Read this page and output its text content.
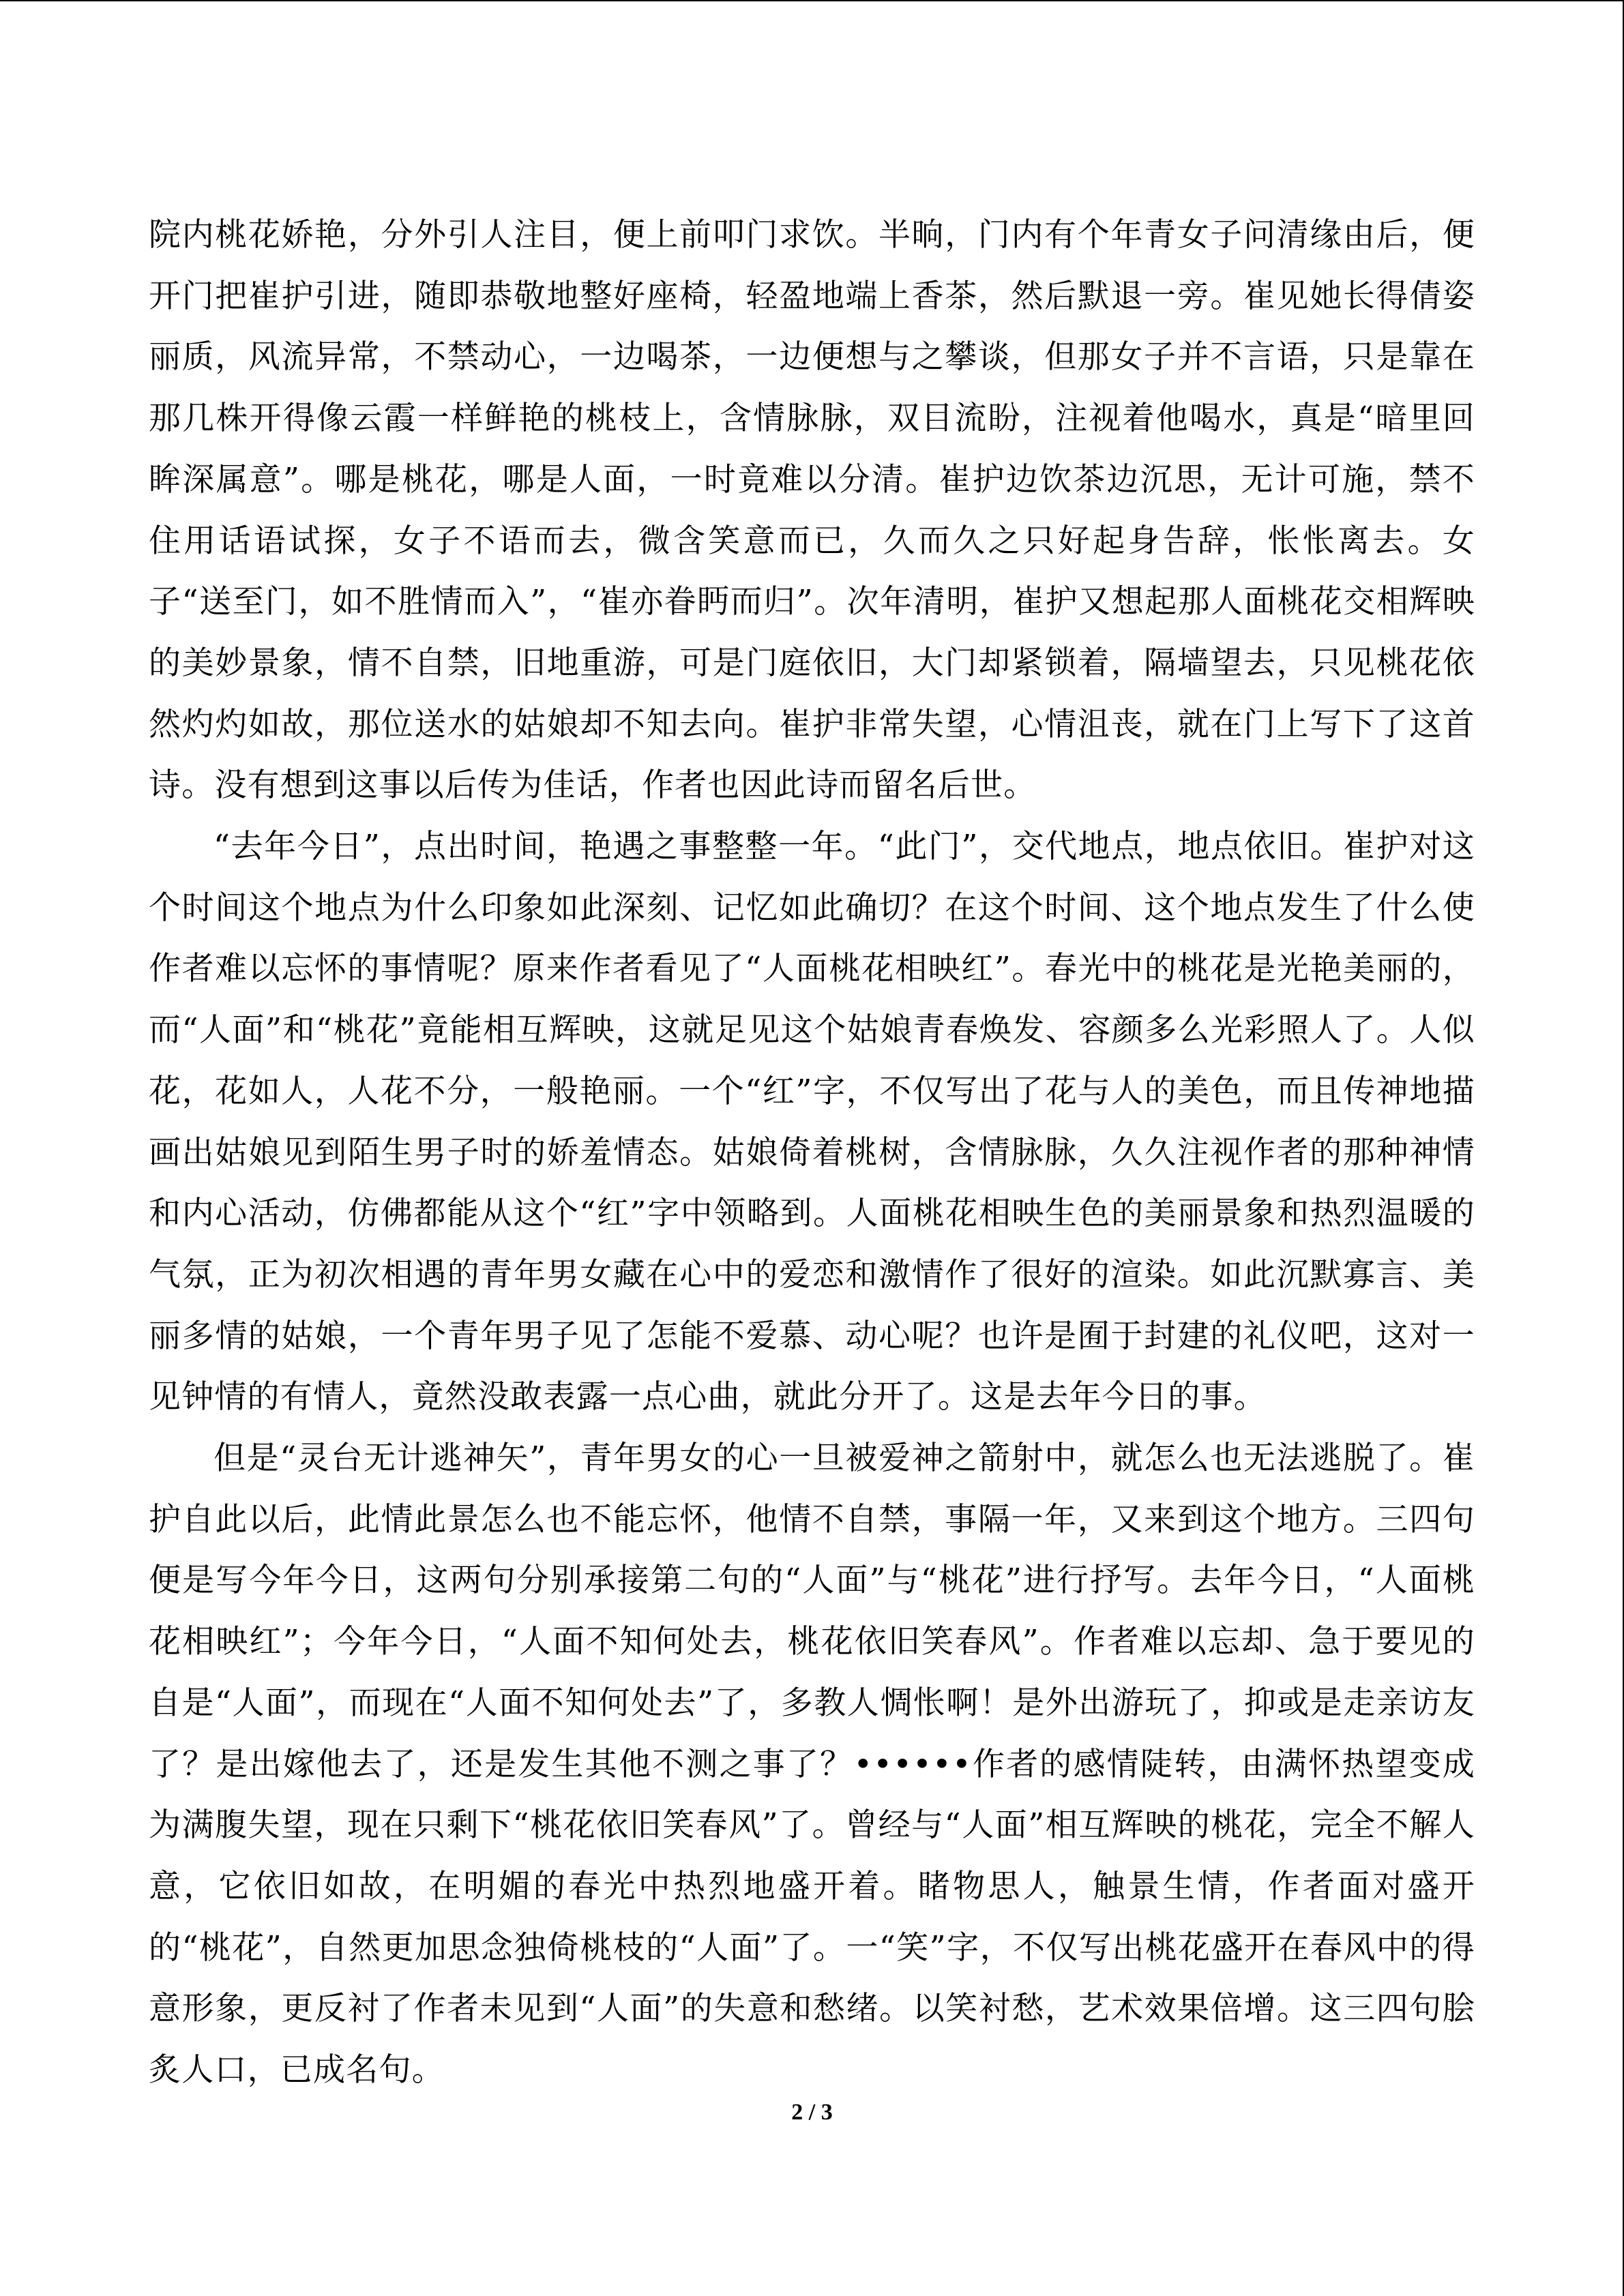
院内桃花娇艳，分外引人注目，便上前叩门求饮。半晌，门内有个年青女子问清缘由后，便开门把崔护引进，随即恭敬地整好座椅，轻盈地端上香茶，然后默退一旁。崔见她长得倩姿丽质，风流异常，不禁动心，一边喝茶，一边便想与之攀谈，但那女子并不言语，只是靠在那几株开得像云霞一样鲜艳的桃枝上，含情脉脉，双目流盼，注视着他喝水，真是“暗里回眸深属意”。哪是桃花，哪是人面，一时竟难以分清。崔护边饮茶边沉思，无计可施，禁不住用话语试探，女子不语而去，微含笑意而已，久而久之只好起身告辞，怅怅离去。女子“送至门，如不胜情而入”，“崔亦眷眄而归”。次年清明，崔护又想起那人面桃花交相辉映的美妙景象，情不自禁，旧地重游，可是门庭依旧，大门却紧锁着，隔墙望去，只见桃花依然灼灼如故，那位送水的姑娘却不知去向。崔护非常失望，心情沮丧，就在门上写下了这首诗。没有想到这事以后传为佳话，作者也因此诗而留名后世。

“去年今日”，点出时间，艳遇之事整整一年。“此门”，交代地点，地点依旧。崔护对这个时间这个地点为什么印象如此深刻、记忆如此确切？在这个时间、这个地点发生了什么使作者难以忘怀的事情呢？原来作者看见了“人面桃花相映红”。春光中的桃花是光艳美丽的，而“人面”和“桃花”竟能相互辉映，这就足见这个姑娘青春焕发、容颜多么光彩照人了。人似花，花如人，人花不分，一般艳丽。一个“红”字，不仅写出了花与人的美色，而且传神地描画出姑娘见到陌生男子时的娇羞情态。姑娘倚着桃树，含情脉脉，久久注视作者的那种神情和内心活动，仿佛都能从这个“红”字中领略到。人面桃花相映生色的美丽景象和热烈温暖的气氛，正为初次相遇的青年男女藏在心中的爱恋和激情作了很好的渲染。如此沉默寡言、美丽多情的姑娘，一个青年男子见了怎能不爱慕、动心呢？也许是囿于封建的礼仪吧，这对一见钟情的有情人，竟然没敢表露一点心曲，就此分开了。这是去年今日的事。

但是“灵台无计逃神矢”，青年男女的心一旦被爱神之箭射中，就怎么也无法逃脱了。崔护自此以后，此情此景怎么也不能忘怀，他情不自禁，事隔一年，又来到这个地方。三四句便是写今年今日，这两句分别承接第二句的“人面”与“桃花”进行抒写。去年今日，“人面桃花相映红”；今年今日，“人面不知何处去，桃花依旧笑春风”。作者难以忘却、急于要见的自是“人面”，而现在“人面不知何处去”了，多教人惆怅啊！是外出游玩了，抑或是走亲访友了？是出嫁他去了，还是发生其他不测之事了？••••••作者的感情陡转，由满怀热望变成为满腹失望，现在只剩下“桃花依旧笑春风”了。曾经与“人面”相互辉映的桃花，完全不解人意，它依旧如故，在明媚的春光中热烈地盛开着。睹物思人，触景生情，作者面对盛开的“桃花”，自然更加思念独倚桃枝的“人面”了。一“笑”字，不仅写出桃花盛开在春风中的得意形象，更反衬了作者未见到“人面”的失意和愁绪。以笑衬愁，艺术效果倍增。这三四句脍炙人口，已成名句。

2 / 3
